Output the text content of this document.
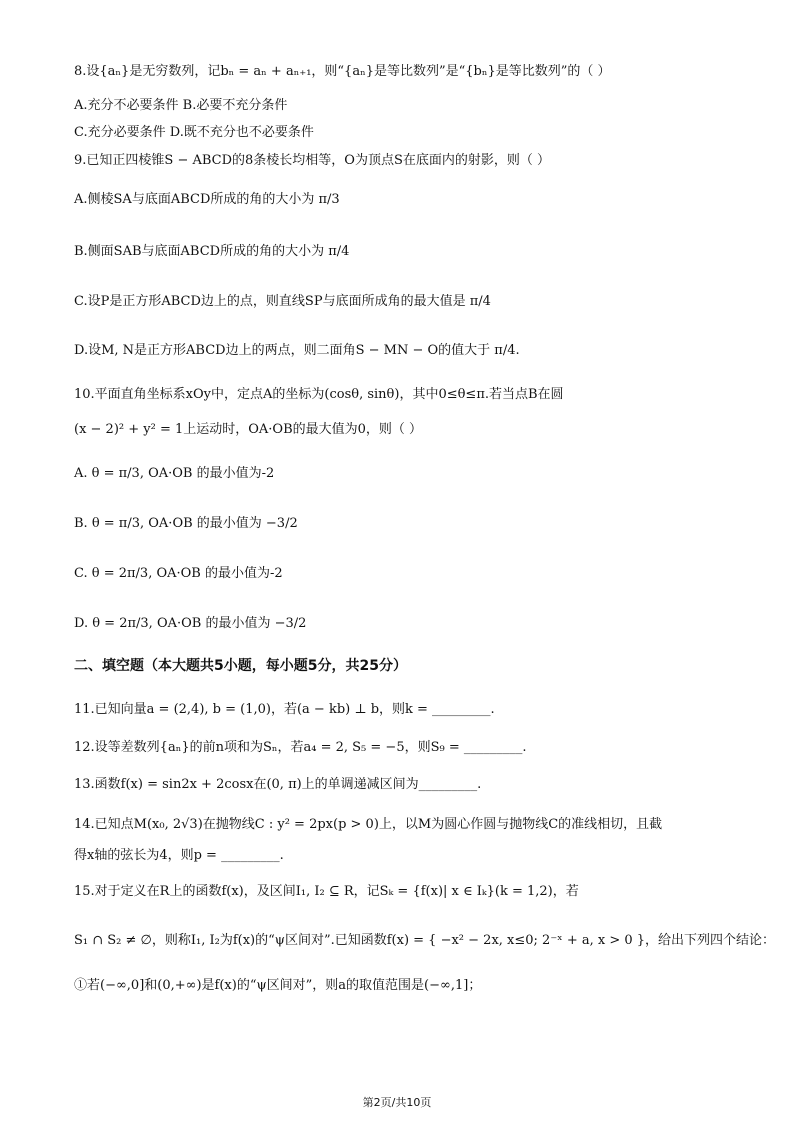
8.设{aₙ}是无穷数列，记bₙ = aₙ + aₙ₊₁，则“{aₙ}是等比数列”是“{bₙ}是等比数列”的（ ）
A.充分不必要条件 B.必要不充分条件
C.充分必要条件 D.既不充分也不必要条件
9.已知正四棱锥S − ABCD的8条棱长均相等，O为顶点S在底面内的射影，则（ ）
A.侧棱SA与底面ABCD所成的角的大小为 π/3
B.侧面SAB与底面ABCD所成的角的大小为 π/4
C.设P是正方形ABCD边上的点，则直线SP与底面所成角的最大值是 π/4
D.设M, N是正方形ABCD边上的两点，则二面角S − MN − O的值大于 π/4.
10.平面直角坐标系xOy中，定点A的坐标为(cosθ, sinθ)，其中0≤θ≤π.若当点B在圆
(x − 2)² + y² = 1上运动时，OA·OB的最大值为0，则（ ）
A. θ = π/3, OA·OB 的最小值为-2
B. θ = π/3, OA·OB 的最小值为 −3/2
C. θ = 2π/3, OA·OB 的最小值为-2
D. θ = 2π/3, OA·OB 的最小值为 −3/2
二、填空题（本大题共5小题，每小题5分，共25分）
11.已知向量a = (2,4), b = (1,0)，若(a − kb) ⊥ b，则k = _________.
12.设等差数列{aₙ}的前n项和为Sₙ，若a₄ = 2, S₅ = −5，则S₉ = _________.
13.函数f(x) = sin2x + 2cosx在(0, π)上的单调递减区间为_________.
14.已知点M(x₀, 2√3)在抛物线C : y² = 2px(p > 0)上，以M为圆心作圆与抛物线C的准线相切，且截
得x轴的弦长为4，则p = _________.
15.对于定义在R上的函数f(x)，及区间I₁, I₂ ⊆ R，记Sₖ = {f(x)| x ∈ Iₖ}(k = 1,2)，若
S₁ ∩ S₂ ≠ ∅，则称I₁, I₂为f(x)的“ψ区间对”.已知函数f(x) = { −x² − 2x, x≤0; 2⁻ˣ + a, x > 0 }，给出下列四个结论：
①若(−∞,0]和(0,+∞)是f(x)的“ψ区间对”，则a的取值范围是(−∞,1]；
第2页/共10页
